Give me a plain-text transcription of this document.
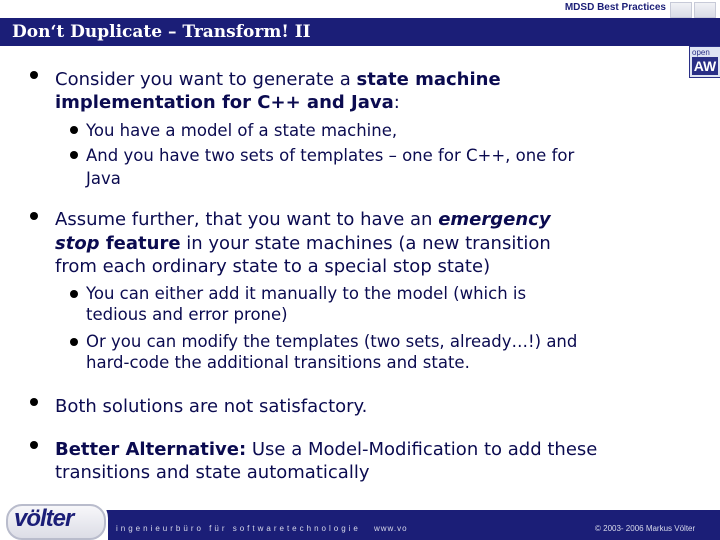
MDSD Best Practices
Don‘t Duplicate – Transform! II
open
AW
Consider you want to generate a state machine
implementation for C++ and Java:
You have a model of a state machine,
And you have two sets of templates – one for C++, one for
Java
Assume further, that you want to have an emergency
stop feature in your state machines (a new transition
from each ordinary state to a special stop state)
You can either add it manually to the model (which is
tedious and error prone)
Or you can modify the templates (two sets, already…!) and
hard-code the additional transitions and state.
Both solutions are not satisfactory.
Better Alternative: Use a Model-Modification to add these
transitions and state automatically
völter	ingenieurbüro für softwaretechnologie www.vo	© 2003- 2006 Markus Völter
